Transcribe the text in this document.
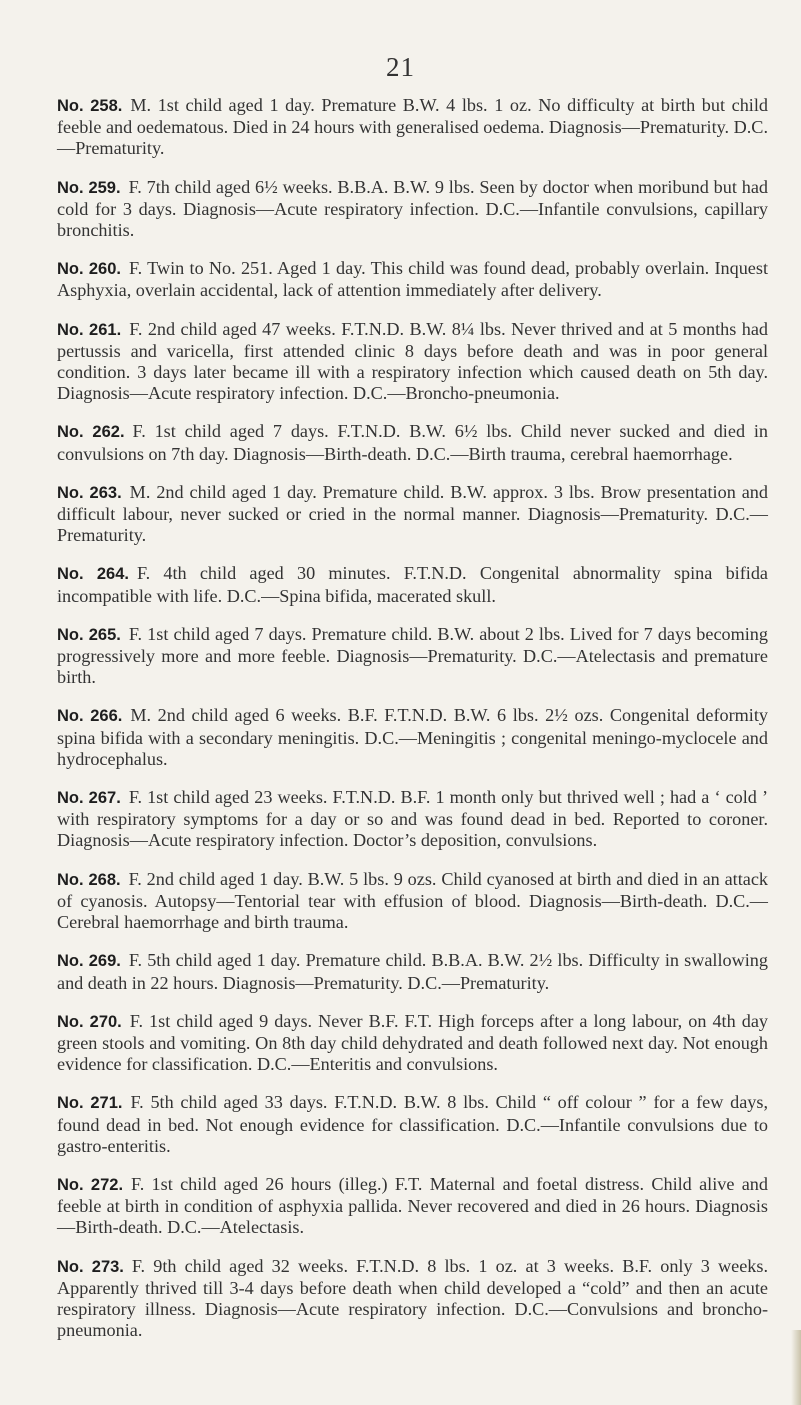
21

No. 258. M. 1st child aged 1 day. Premature B.W. 4 lbs. 1 oz. No difficulty at birth but child feeble and oedematous. Died in 24 hours with generalised oedema. Diagnosis—Prematurity. D.C.—Prematurity.

No. 259. F. 7th child aged 6½ weeks. B.B.A. B.W. 9 lbs. Seen by doctor when moribund but had cold for 3 days. Diagnosis—Acute respiratory infection. D.C.—Infantile convulsions, capillary bronchitis.

No. 260. F. Twin to No. 251. Aged 1 day. This child was found dead, probably overlain. Inquest Asphyxia, overlain accidental, lack of attention immediately after delivery.

No. 261. F. 2nd child aged 47 weeks. F.T.N.D. B.W. 8¼ lbs. Never thrived and at 5 months had pertussis and varicella, first attended clinic 8 days before death and was in poor general condition. 3 days later became ill with a respiratory infection which caused death on 5th day. Diagnosis—Acute respiratory infection. D.C.—Broncho-pneumonia.

No. 262. F. 1st child aged 7 days. F.T.N.D. B.W. 6½ lbs. Child never sucked and died in convulsions on 7th day. Diagnosis—Birth-death. D.C.—Birth trauma, cerebral haemorrhage.

No. 263. M. 2nd child aged 1 day. Premature child. B.W. approx. 3 lbs. Brow presentation and difficult labour, never sucked or cried in the normal manner. Diagnosis—Prematurity. D.C.—Prematurity.

No. 264. F. 4th child aged 30 minutes. F.T.N.D. Congenital abnormality spina bifida incompatible with life. D.C.—Spina bifida, macerated skull.

No. 265. F. 1st child aged 7 days. Premature child. B.W. about 2 lbs. Lived for 7 days becoming progressively more and more feeble. Diagnosis—Prematurity. D.C.—Atelectasis and premature birth.

No. 266. M. 2nd child aged 6 weeks. B.F. F.T.N.D. B.W. 6 lbs. 2½ ozs. Congenital deformity spina bifida with a secondary meningitis. D.C.—Meningitis ; congenital meningo-myclocele and hydrocephalus.

No. 267. F. 1st child aged 23 weeks. F.T.N.D. B.F. 1 month only but thrived well ; had a ‘ cold ’ with respiratory symptoms for a day or so and was found dead in bed. Reported to coroner. Diagnosis—Acute respiratory infection. Doctor’s deposition, convulsions.

No. 268. F. 2nd child aged 1 day. B.W. 5 lbs. 9 ozs. Child cyanosed at birth and died in an attack of cyanosis. Autopsy—Tentorial tear with effusion of blood. Diagnosis—Birth-death. D.C.—Cerebral haemorrhage and birth trauma.

No. 269. F. 5th child aged 1 day. Premature child. B.B.A. B.W. 2½ lbs. Difficulty in swallowing and death in 22 hours. Diagnosis—Prematurity. D.C.—Prematurity.

No. 270. F. 1st child aged 9 days. Never B.F. F.T. High forceps after a long labour, on 4th day green stools and vomiting. On 8th day child dehydrated and death followed next day. Not enough evidence for classification. D.C.—Enteritis and convulsions.

No. 271. F. 5th child aged 33 days. F.T.N.D. B.W. 8 lbs. Child “ off colour ” for a few days, found dead in bed. Not enough evidence for classification. D.C.—Infantile convulsions due to gastro-enteritis.

No. 272. F. 1st child aged 26 hours (illeg.) F.T. Maternal and foetal distress. Child alive and feeble at birth in condition of asphyxia pallida. Never recovered and died in 26 hours. Diagnosis—Birth-death. D.C.—Atelectasis.

No. 273. F. 9th child aged 32 weeks. F.T.N.D. 8 lbs. 1 oz. at 3 weeks. B.F. only 3 weeks. Apparently thrived till 3-4 days before death when child developed a “cold” and then an acute respiratory illness. Diagnosis—Acute respiratory infection. D.C.—Convulsions and broncho-pneumonia.
